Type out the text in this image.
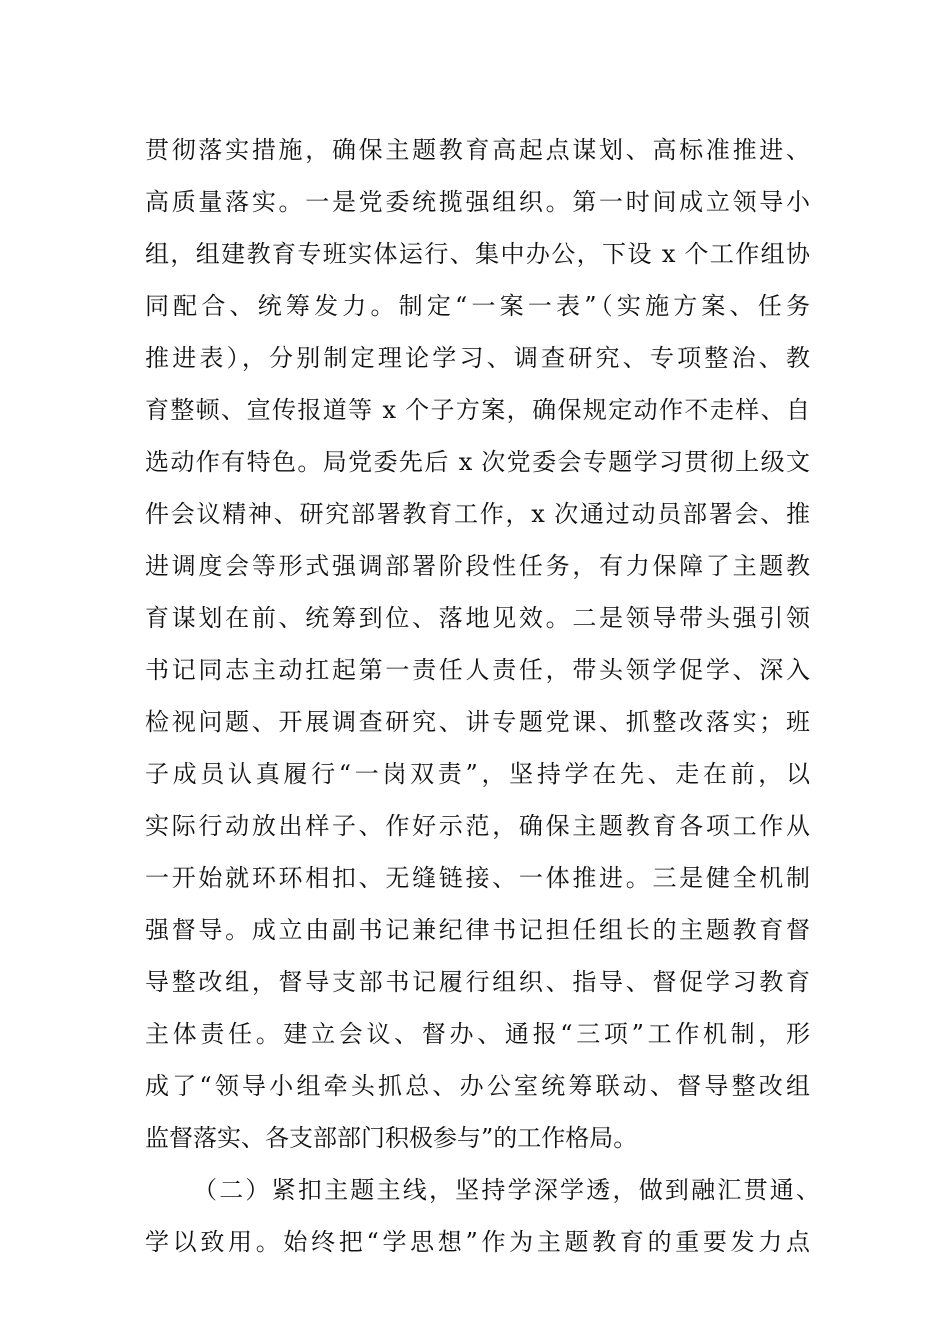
贯彻落实措施，确保主题教育高起点谋划、高标准推进、
高质量落实。一是党委统揽强组织。第一时间成立领导小
组，组建教育专班实体运行、集中办公，下设 x 个工作组协
同配合、统筹发力。制定“一案一表”（实施方案、任务
推进表），分别制定理论学习、调查研究、专项整治、教
育整顿、宣传报道等 x 个子方案，确保规定动作不走样、自
选动作有特色。局党委先后 x 次党委会专题学习贯彻上级文
件会议精神、研究部署教育工作，x 次通过动员部署会、推
进调度会等形式强调部署阶段性任务，有力保障了主题教
育谋划在前、统筹到位、落地见效。二是领导带头强引领
书记同志主动扛起第一责任人责任，带头领学促学、深入
检视问题、开展调查研究、讲专题党课、抓整改落实；班
子成员认真履行“一岗双责”，坚持学在先、走在前，以
实际行动放出样子、作好示范，确保主题教育各项工作从
一开始就环环相扣、无缝链接、一体推进。三是健全机制
强督导。成立由副书记兼纪律书记担任组长的主题教育督
导整改组，督导支部书记履行组织、指导、督促学习教育
主体责任。建立会议、督办、通报“三项”工作机制，形
成了“领导小组牵头抓总、办公室统筹联动、督导整改组
监督落实、各支部部门积极参与”的工作格局。
（二）紧扣主题主线，坚持学深学透，做到融汇贯通、
学以致用。始终把“学思想”作为主题教育的重要发力点
